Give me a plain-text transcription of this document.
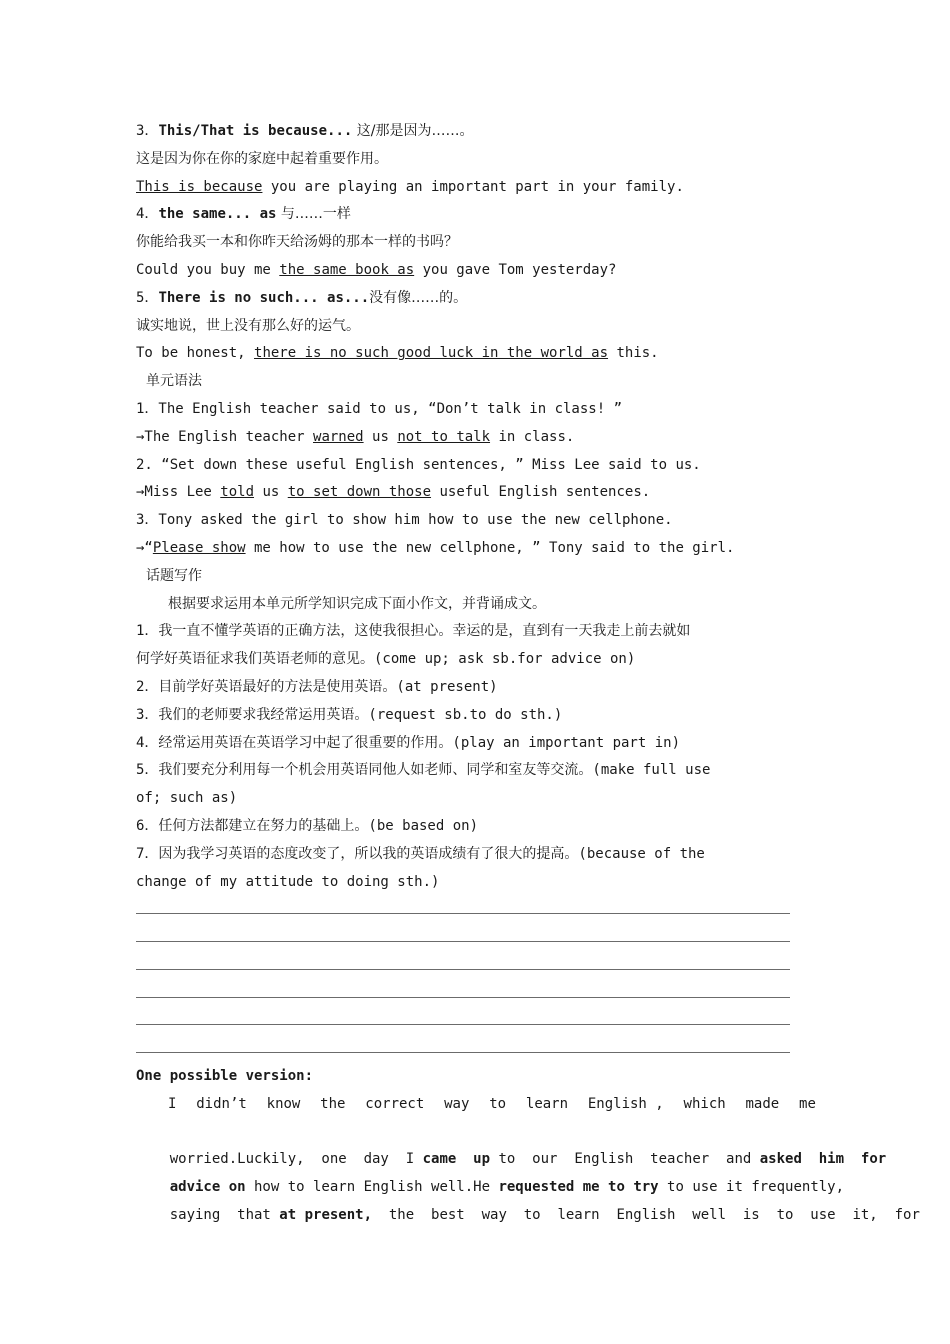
3．This/That is because... 这/那是因为……。
这是因为你在你的家庭中起着重要作用。
This is because you are playing an important part in your family.
4．the same... as 与……一样
你能给我买一本和你昨天给汤姆的那本一样的书吗？
Could you buy me the same book as you gave Tom yesterday?
5．There is no such... as...没有像……的。
诚实地说，世上没有那么好的运气。
To be honest, there is no such good luck in the world as this.
单元语法
1．The English teacher said to us, “Don’t talk in class! ”
→The English teacher warned us not to talk in class.
2. “Set down these useful English sentences, ” Miss Lee said to us.
→Miss Lee told us to set down those useful English sentences.
3．Tony asked the girl to show him how to use the new cellphone.
→“Please show me how to use the new cellphone, ” Tony said to the girl.
话题写作
根据要求运用本单元所学知识完成下面小作文，并背诵成文。
1．我一直不懂学英语的正确方法，这使我很担心。幸运的是，直到有一天我走上前去就如
何学好英语征求我们英语老师的意见。(come up; ask sb.for advice on)
2．目前学好英语最好的方法是使用英语。(at present)
3．我们的老师要求我经常运用英语。(request sb.to do sth.)
4．经常运用英语在英语学习中起了很重要的作用。(play an important part in)
5．我们要充分利用每一个机会用英语同他人如老师、同学和室友等交流。(make full use
of; such as)
6．任何方法都建立在努力的基础上。(be based on)
7．因为我学习英语的态度改变了，所以我的英语成绩有了很大的提高。(because of the
change of my attitude to doing sth.)
One possible version:
I didn’t know the correct way to learn English , which made me

worried.Luckily,  one  day  I came  up to  our  English  teacher  and asked  him  for

advice on how to learn English well.He requested me to try to use it frequently,

saying  that at present,  the  best  way  to  learn  English  well  is  to  use  it,  for
